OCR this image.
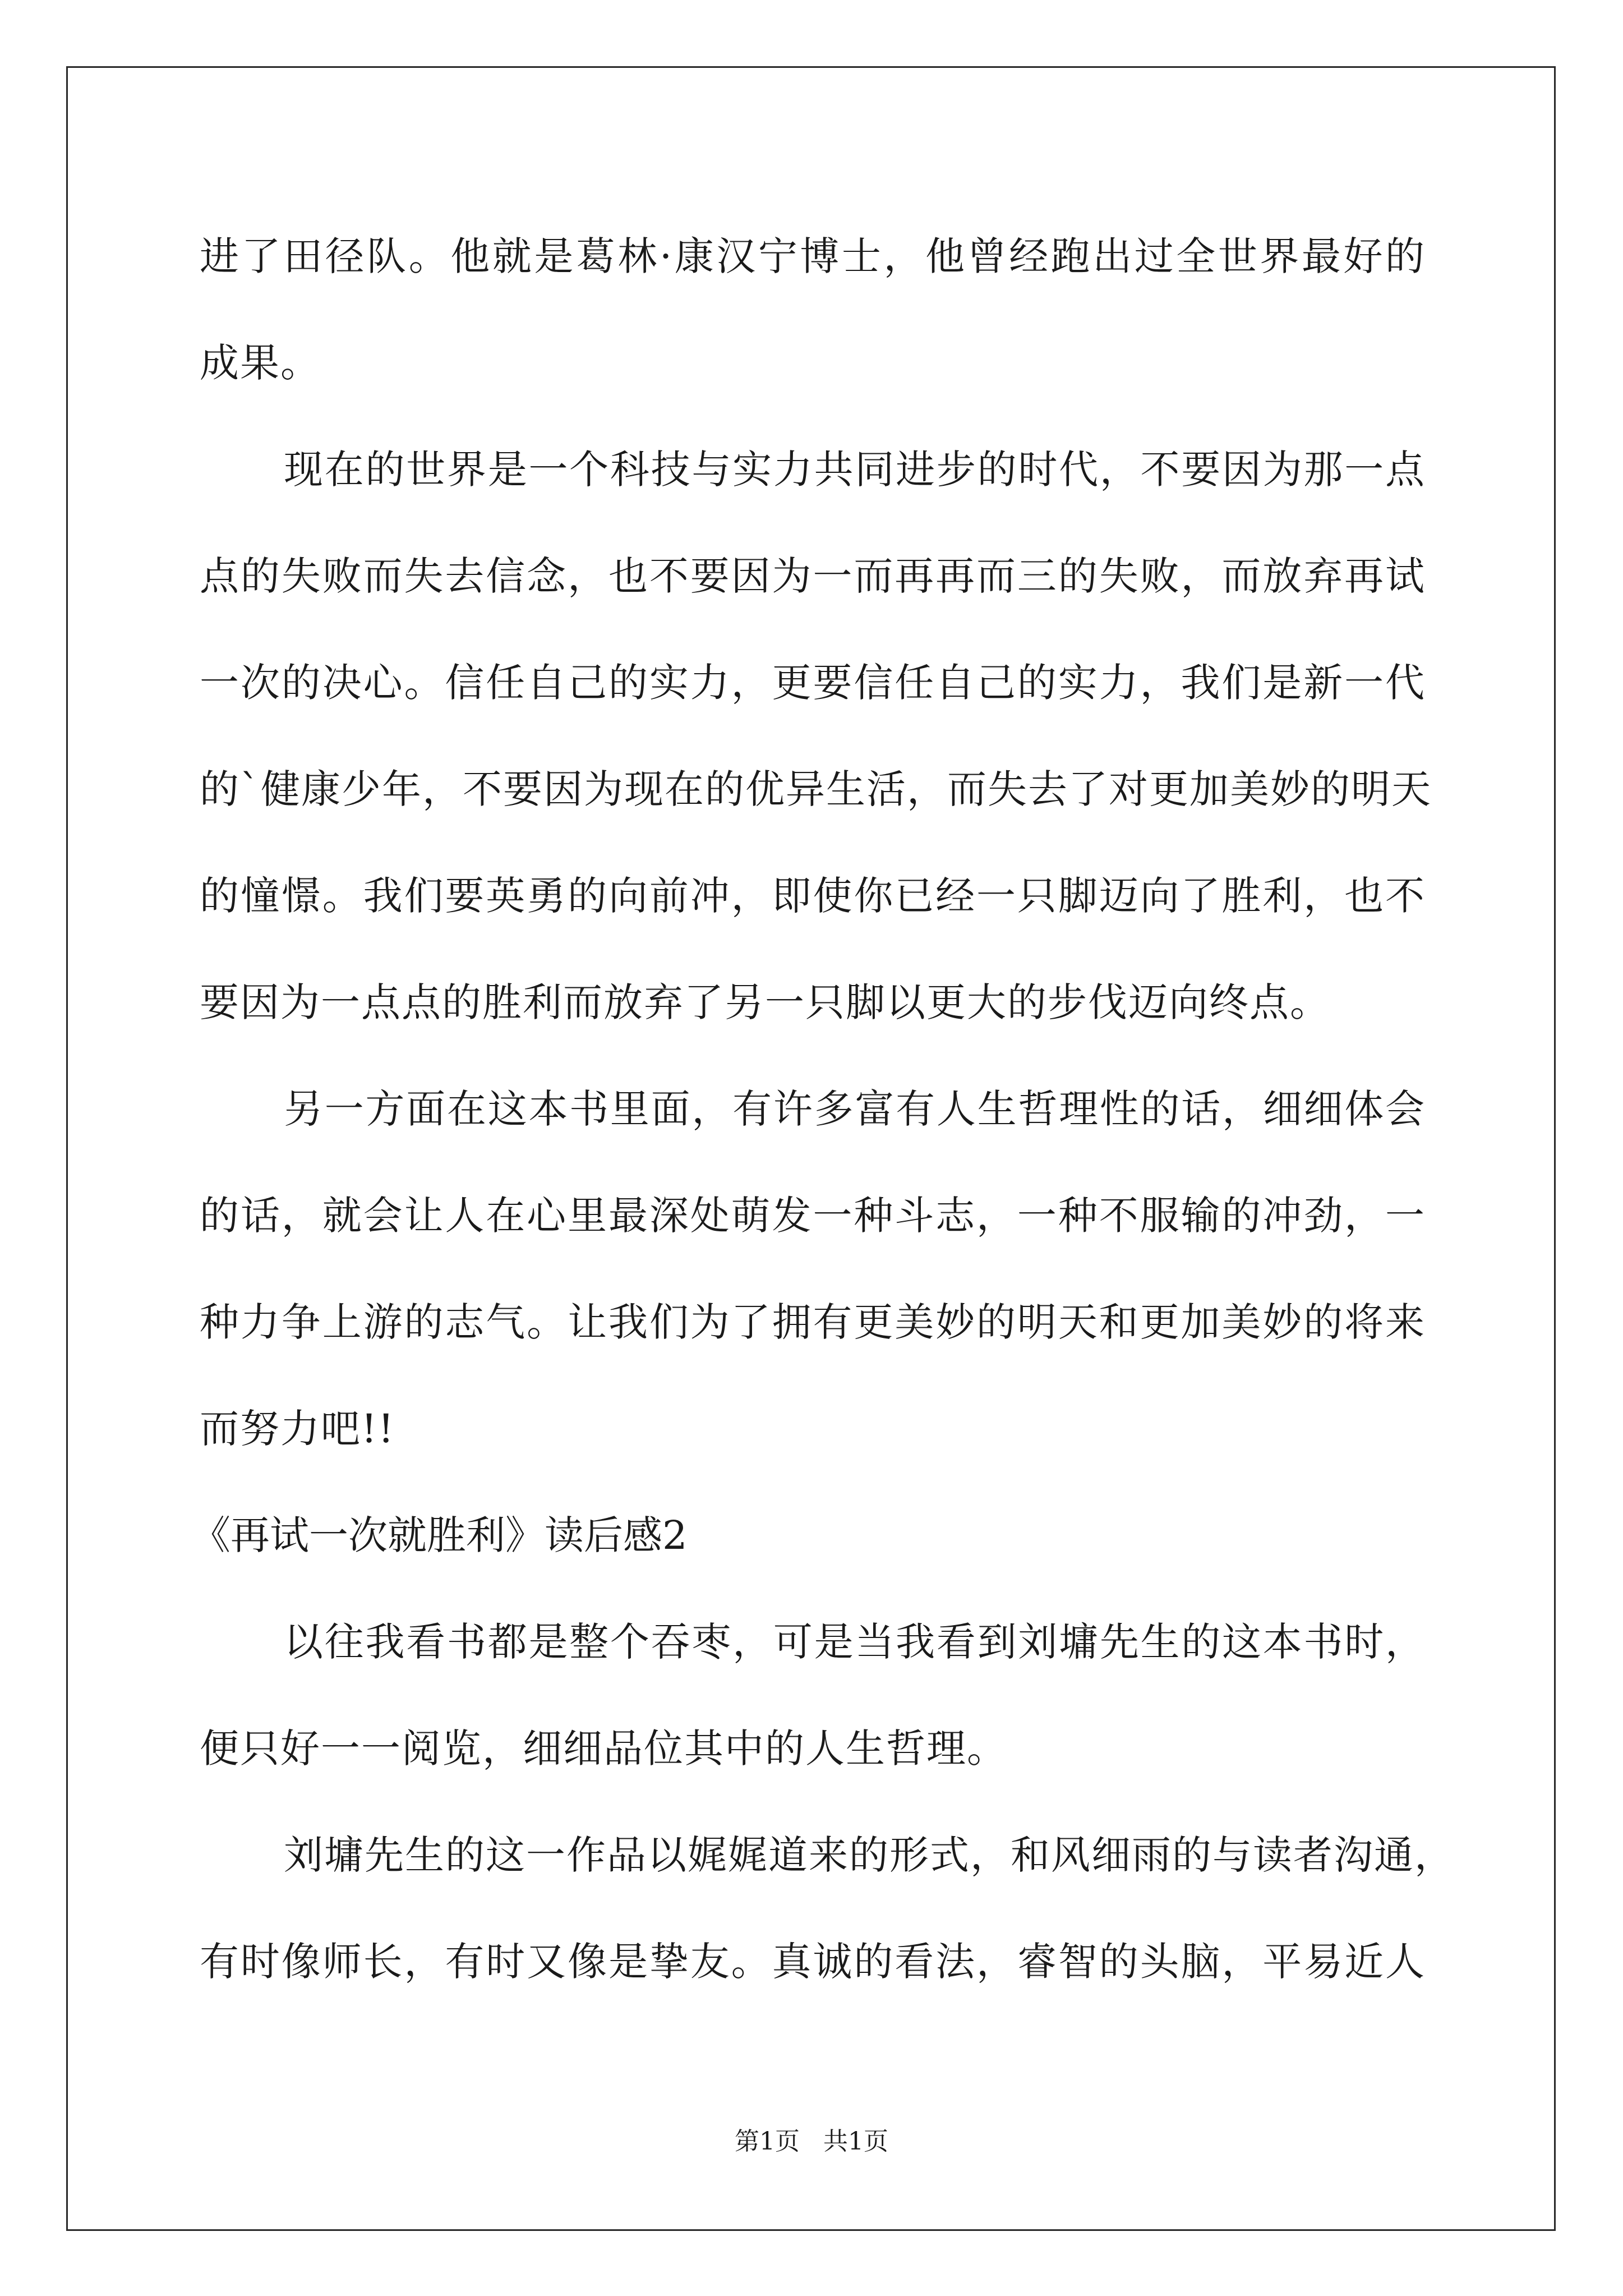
进了田径队。他就是葛林·康汉宁博士，他曾经跑出过全世界最好的
成果。
现在的世界是一个科技与实力共同进步的时代，不要因为那一点
点的失败而失去信念，也不要因为一而再再而三的失败，而放弃再试
一次的决心。信任自己的实力，更要信任自己的实力，我们是新一代
的`健康少年，不要因为现在的优异生活，而失去了对更加美妙的明天
的憧憬。我们要英勇的向前冲，即使你已经一只脚迈向了胜利，也不
要因为一点点的胜利而放弃了另一只脚以更大的步伐迈向终点。
另一方面在这本书里面，有许多富有人生哲理性的话，细细体会
的话，就会让人在心里最深处萌发一种斗志，一种不服输的冲劲，一
种力争上游的志气。让我们为了拥有更美妙的明天和更加美妙的将来
而努力吧!!
《再试一次就胜利》读后感2
以往我看书都是整个吞枣，可是当我看到刘墉先生的这本书时，
便只好一一阅览，细细品位其中的人生哲理。
刘墉先生的这一作品以娓娓道来的形式，和风细雨的与读者沟通，
有时像师长，有时又像是挚友。真诚的看法，睿智的头脑，平易近人
第1页   共1页
